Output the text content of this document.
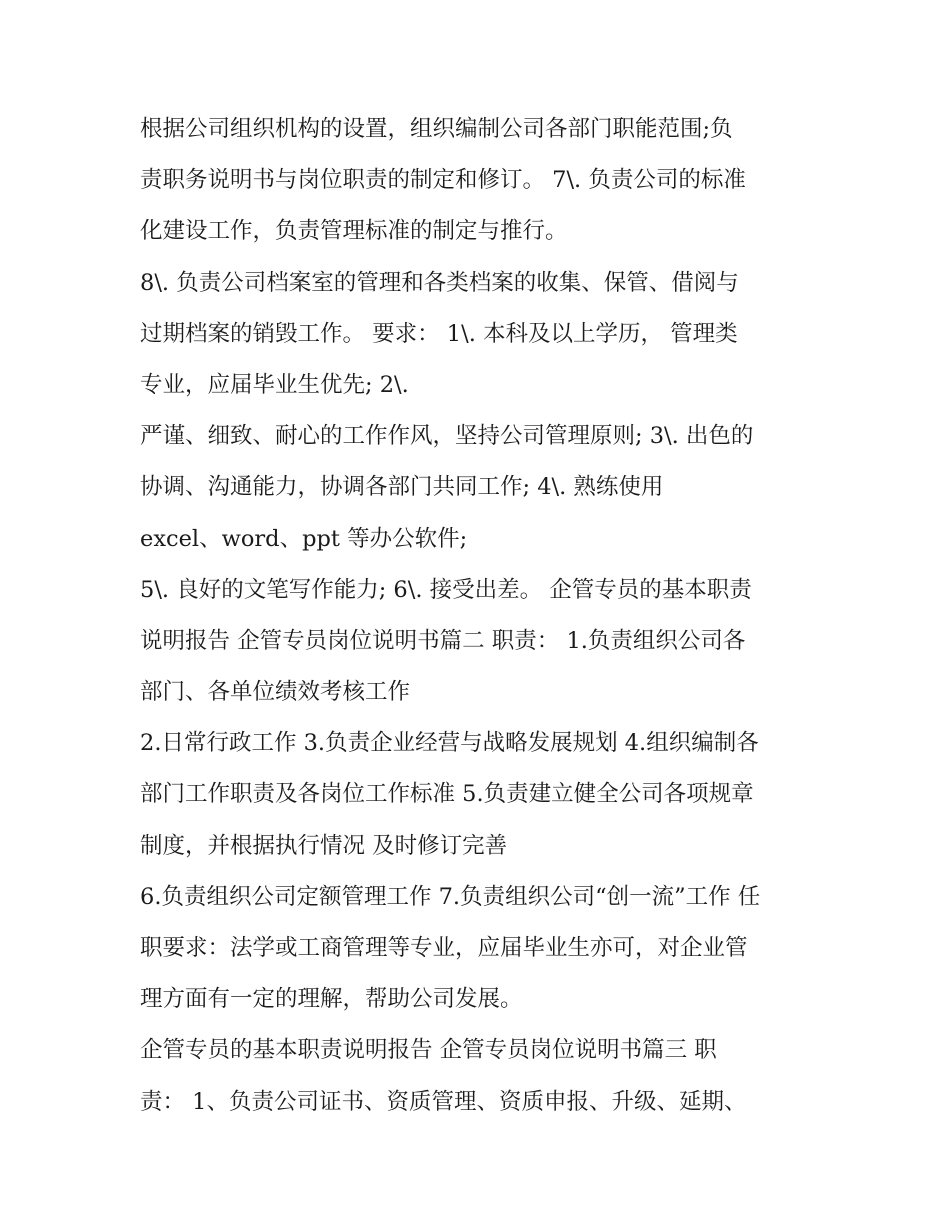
根据公司组织机构的设置，组织编制公司各部门职能范围;负
责职务说明书与岗位职责的制定和修订。 7\. 负责公司的标准
化建设工作，负责管理标准的制定与推行。
8\. 负责公司档案室的管理和各类档案的收集、保管、借阅与
过期档案的销毁工作。 要求： 1\. 本科及以上学历， 管理类
专业，应届毕业生优先; 2\.
严谨、细致、耐心的工作作风，坚持公司管理原则; 3\. 出色的
协调、沟通能力，协调各部门共同工作; 4\. 熟练使用
excel、word、ppt 等办公软件;
5\. 良好的文笔写作能力; 6\. 接受出差。 企管专员的基本职责
说明报告 企管专员岗位说明书篇二 职责： 1.负责组织公司各
部门、各单位绩效考核工作
2.日常行政工作 3.负责企业经营与战略发展规划 4.组织编制各
部门工作职责及各岗位工作标准 5.负责建立健全公司各项规章
制度，并根据执行情况 及时修订完善
6.负责组织公司定额管理工作 7.负责组织公司“创一流”工作 任
职要求：法学或工商管理等专业，应届毕业生亦可，对企业管
理方面有一定的理解，帮助公司发展。
企管专员的基本职责说明报告 企管专员岗位说明书篇三 职
责： 1、负责公司证书、资质管理、资质申报、升级、延期、
